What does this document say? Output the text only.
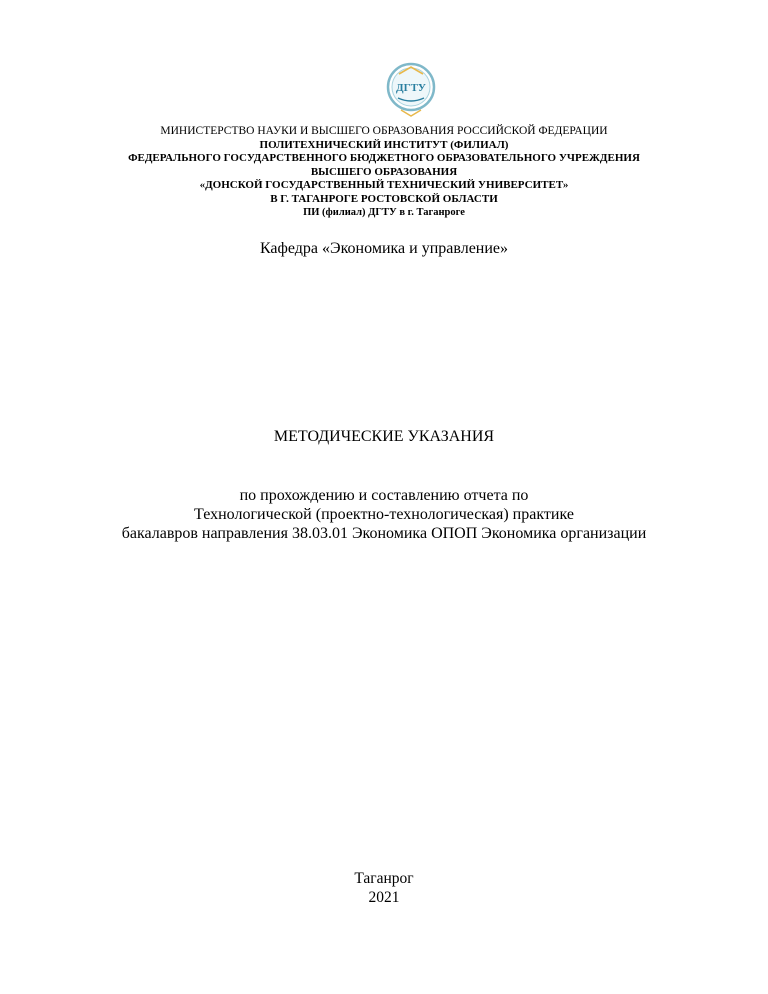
ДГТУ
МИНИСТЕРСТВО НАУКИ И ВЫСШЕГО ОБРАЗОВАНИЯ РОССИЙСКОЙ ФЕДЕРАЦИИ
ПОЛИТЕХНИЧЕСКИЙ ИНСТИТУТ (ФИЛИАЛ)
ФЕДЕРАЛЬНОГО ГОСУДАРСТВЕННОГО БЮДЖЕТНОГО ОБРАЗОВАТЕЛЬНОГО УЧРЕЖДЕНИЯ
ВЫСШЕГО ОБРАЗОВАНИЯ
«ДОНСКОЙ ГОСУДАРСТВЕННЫЙ ТЕХНИЧЕСКИЙ УНИВЕРСИТЕТ»
В Г. ТАГАНРОГЕ РОСТОВСКОЙ ОБЛАСТИ
ПИ (филиал) ДГТУ в г. Таганроге
Кафедра «Экономика и управление»
МЕТОДИЧЕСКИЕ УКАЗАНИЯ
по прохождению и составлению отчета по
Технологической (проектно-технологическая) практике
бакалавров направления 38.03.01 Экономика ОПОП Экономика организации
Таганрог
2021
